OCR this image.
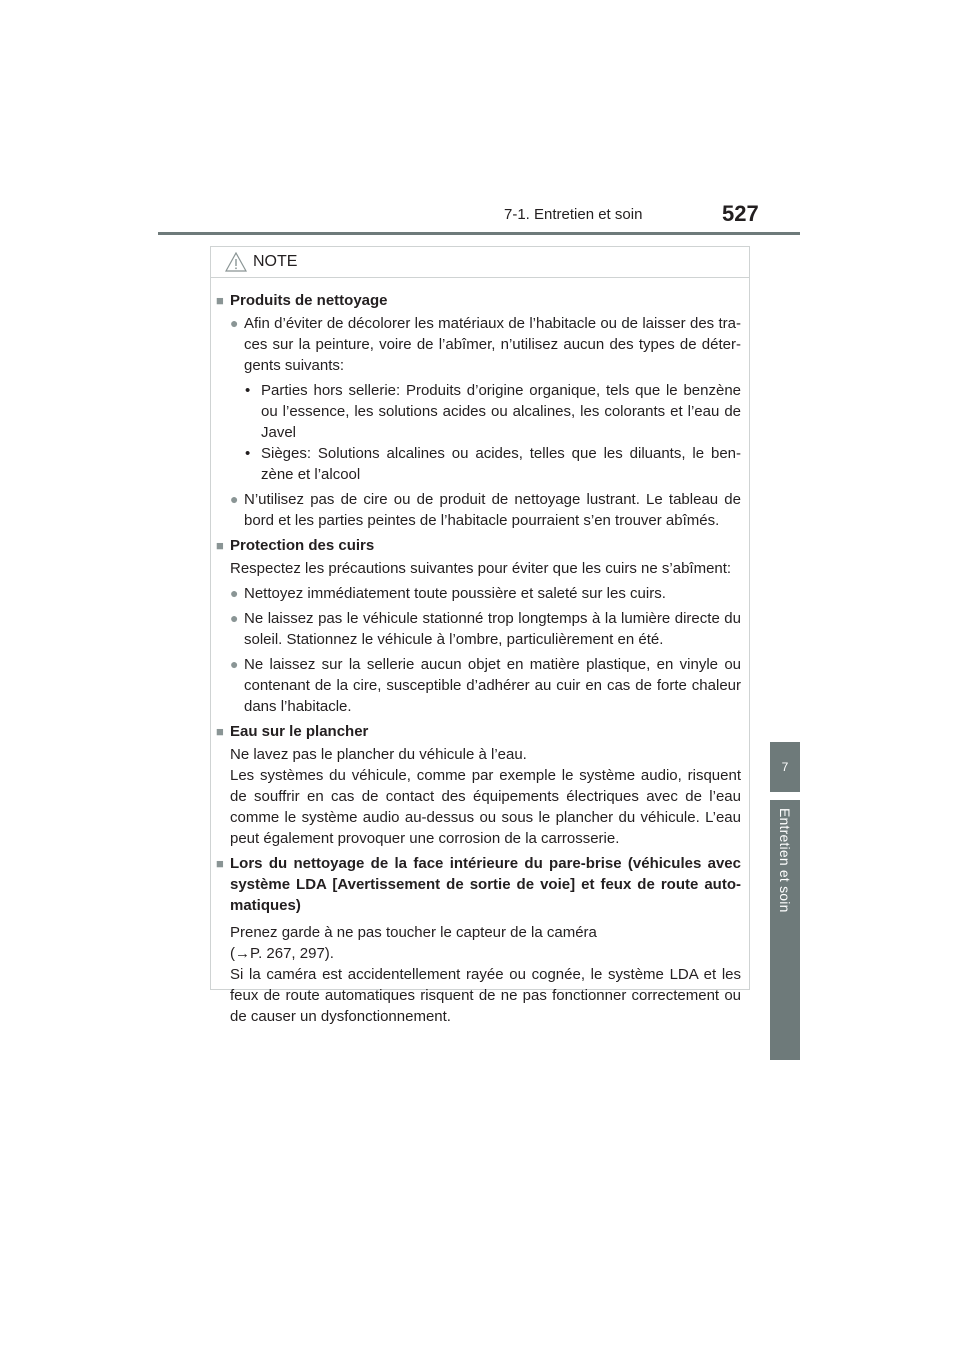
7-1. Entretien et soin	527
7
Entretien et soin
NOTE
■ Produits de nettoyage
● Afin d’éviter de décolorer les matériaux de l’habitacle ou de laisser des tra-ces sur la peinture, voire de l’abîmer, n’utilisez aucun des types de déter-gents suivants:
• Parties hors sellerie: Produits d’origine organique, tels que le benzène ou l’essence, les solutions acides ou alcalines, les colorants et l’eau de Javel
• Sièges: Solutions alcalines ou acides, telles que les diluants, le ben-zène et l’alcool
● N’utilisez pas de cire ou de produit de nettoyage lustrant. Le tableau de bord et les parties peintes de l’habitacle pourraient s’en trouver abîmés.
■ Protection des cuirs
Respectez les précautions suivantes pour éviter que les cuirs ne s’abîment:
● Nettoyez immédiatement toute poussière et saleté sur les cuirs.
● Ne laissez pas le véhicule stationné trop longtemps à la lumière directe du soleil. Stationnez le véhicule à l’ombre, particulièrement en été.
● Ne laissez sur la sellerie aucun objet en matière plastique, en vinyle ou contenant de la cire, susceptible d’adhérer au cuir en cas de forte chaleur dans l’habitacle.
■ Eau sur le plancher
Ne lavez pas le plancher du véhicule à l’eau.
Les systèmes du véhicule, comme par exemple le système audio, risquent de souffrir en cas de contact des équipements électriques avec de l’eau comme le système audio au-dessus ou sous le plancher du véhicule. L’eau peut également provoquer une corrosion de la carrosserie.
■ Lors du nettoyage de la face intérieure du pare-brise (véhicules avec système LDA [Avertissement de sortie de voie] et feux de route auto-matiques)
Prenez garde à ne pas toucher le capteur de la caméra
(→P. 267, 297).
Si la caméra est accidentellement rayée ou cognée, le système LDA et les feux de route automatiques risquent de ne pas fonctionner correctement ou de causer un dysfonctionnement.
